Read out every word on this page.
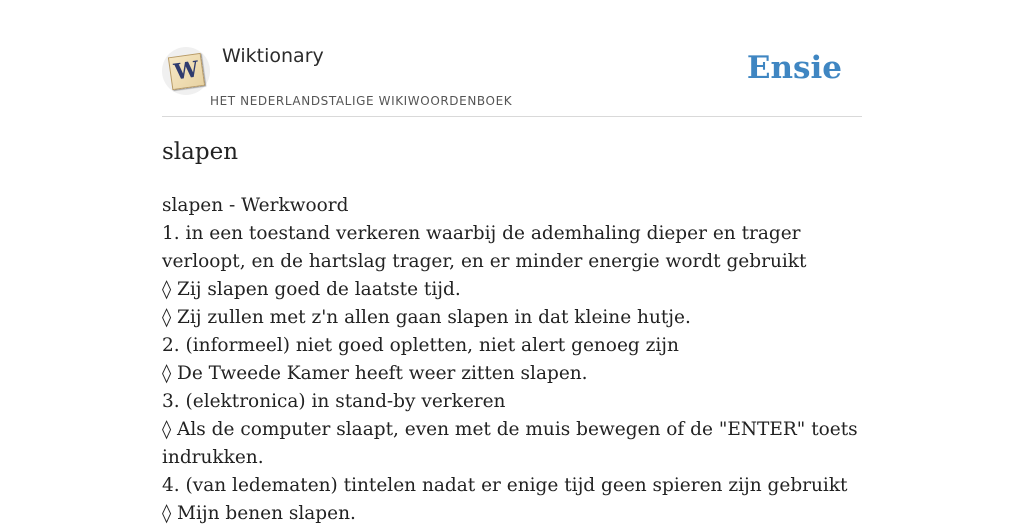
W
Wiktionary
HET NEDERLANDSTALIGE WIKIWOORDENBOEK
Ensie
slapen
slapen - Werkwoord
1. in een toestand verkeren waarbij de ademhaling dieper en trager verloopt, en de hartslag trager, en er minder energie wordt gebruikt
◊ Zij slapen goed de laatste tijd.
◊ Zij zullen met z'n allen gaan slapen in dat kleine hutje.
2. (informeel) niet goed opletten, niet alert genoeg zijn
◊ De Tweede Kamer heeft weer zitten slapen.
3. (elektronica) in stand-by verkeren
◊ Als de computer slaapt, even met de muis bewegen of de "ENTER" toets indrukken.
4. (van ledematen) tintelen nadat er enige tijd geen spieren zijn gebruikt
◊ Mijn benen slapen.
